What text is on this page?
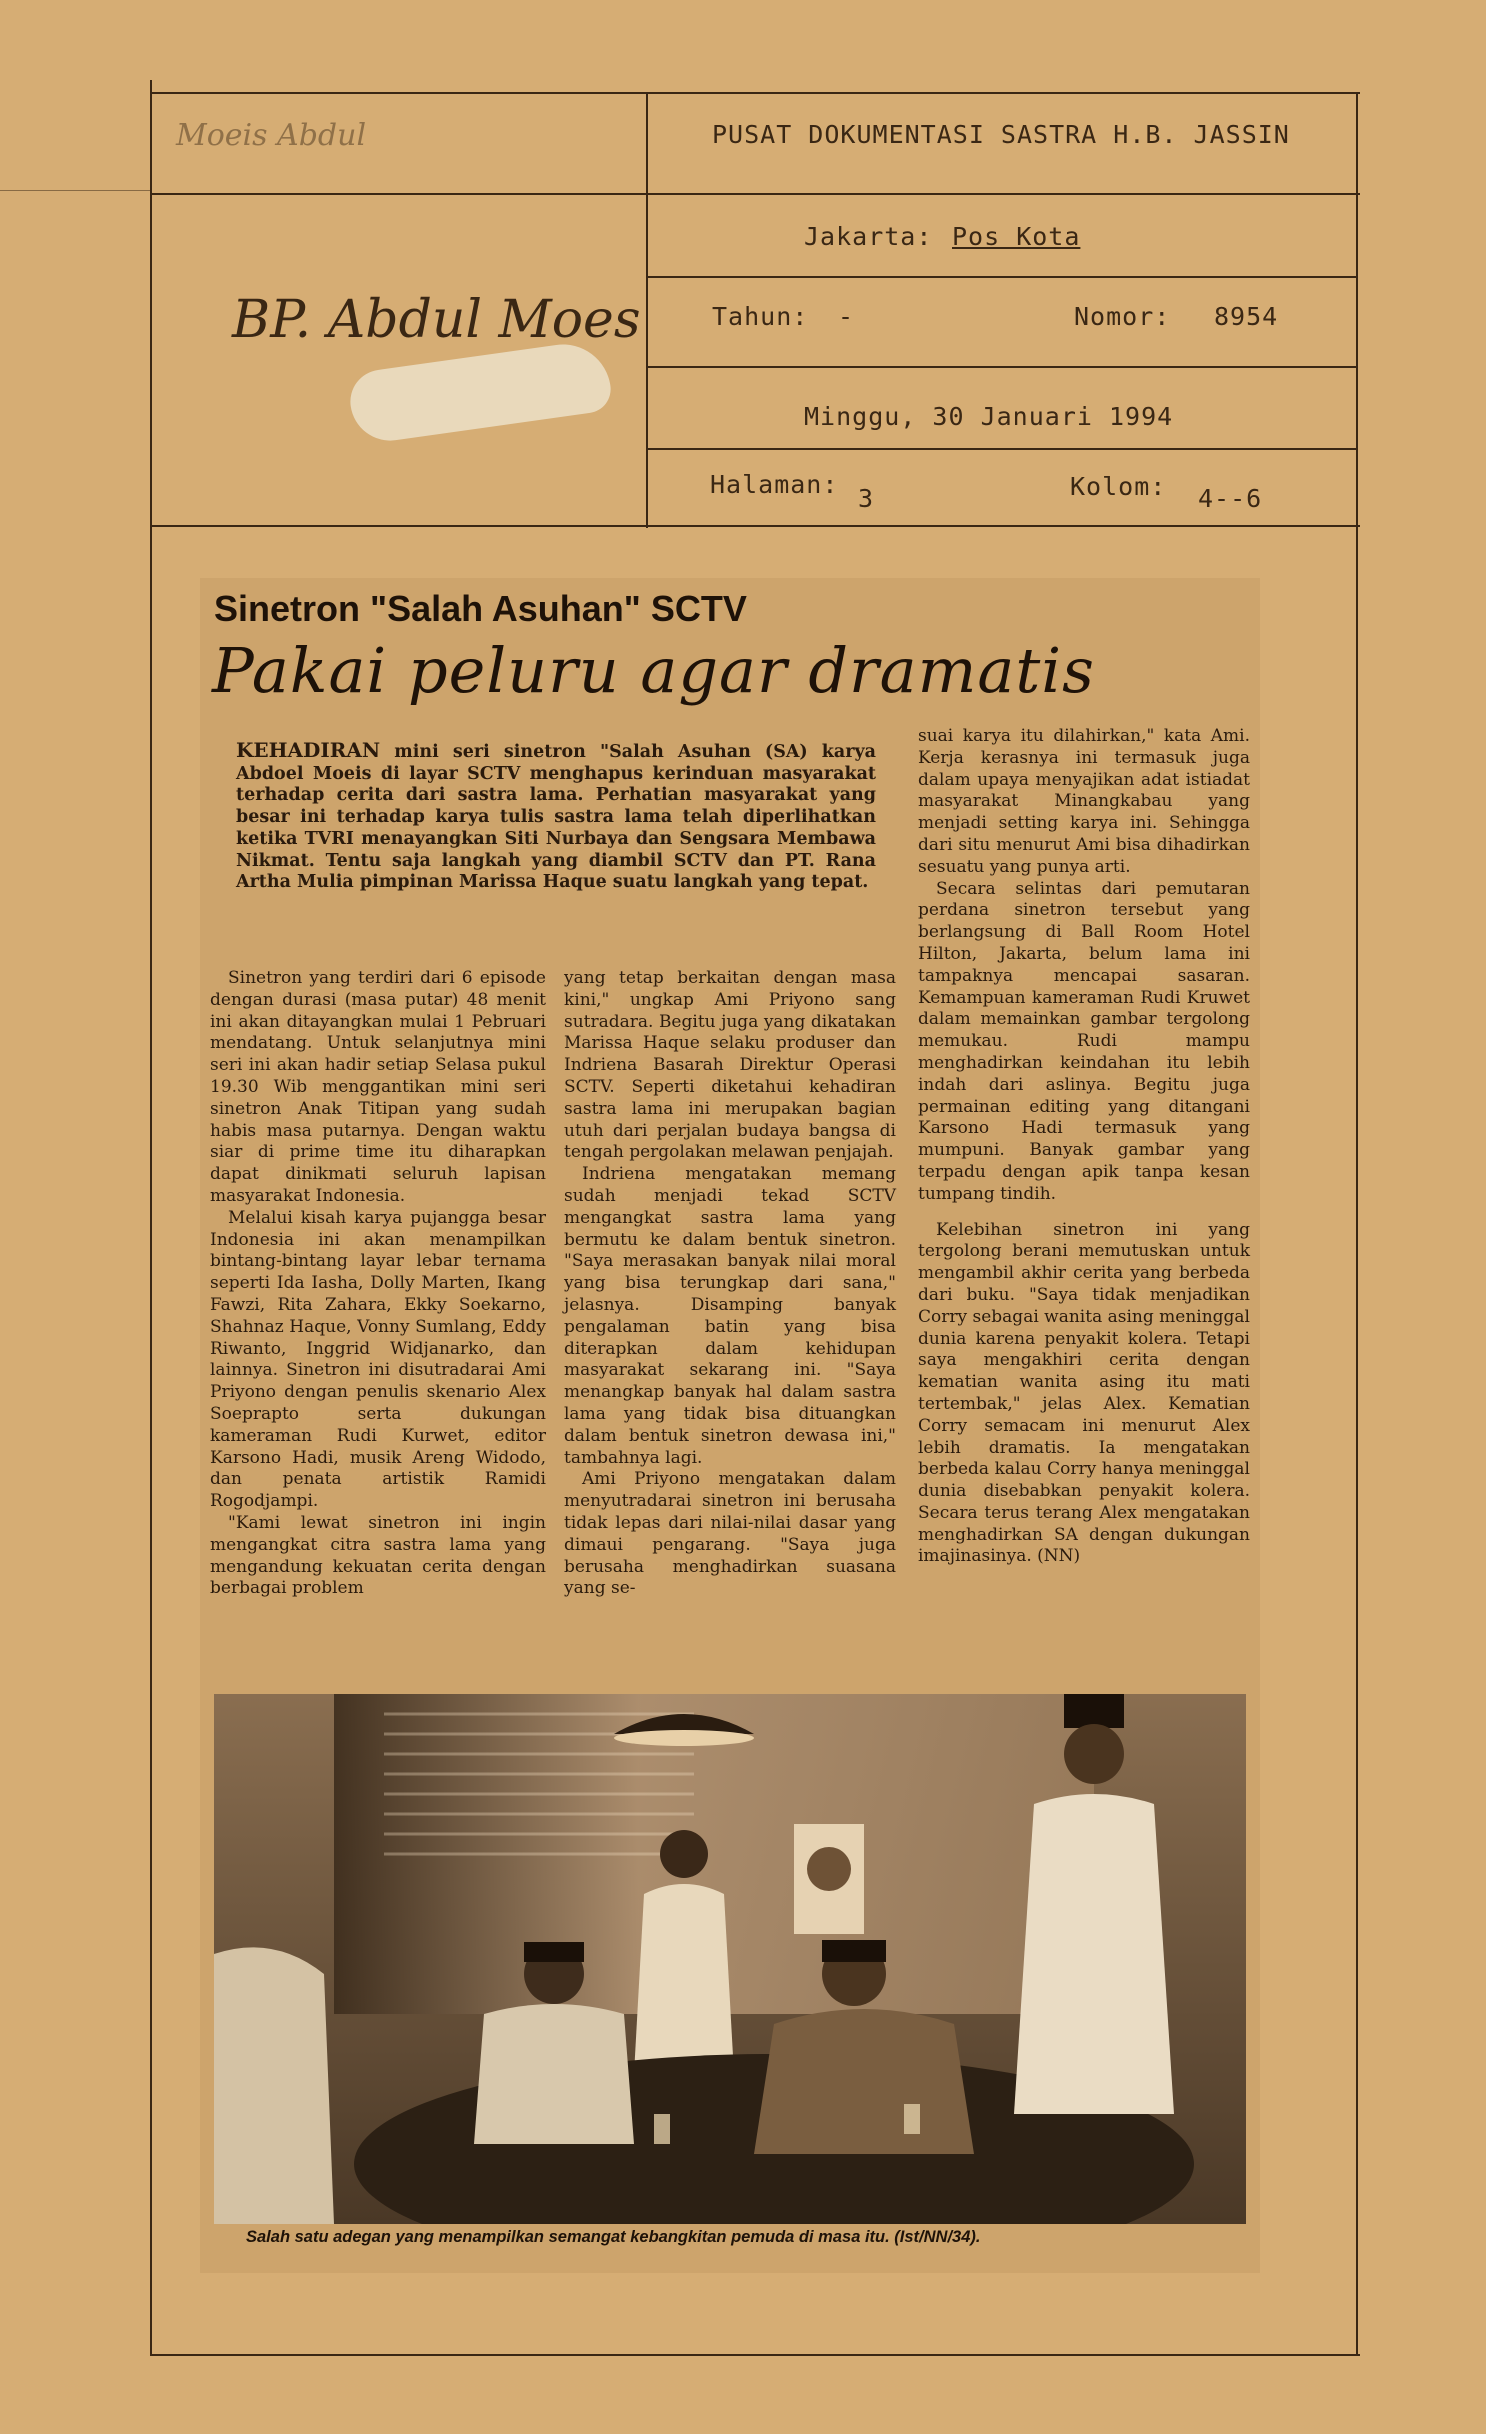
PUSAT DOKUMENTASI SASTRA H.B. JASSIN
Jakarta: Pos Kota
Tahun: -	Nomor: 8954
Minggu, 30 Januari 1994
Halaman: 3	Kolom: 4--6
Moeis Abdul
BP. Abdul Moes
Sinetron "Salah Asuhan" SCTV
Pakai peluru agar dramatis

KEHADIRAN mini seri sinetron "Salah Asuhan (SA) karya Abdoel Moeis di layar SCTV menghapus kerinduan masyarakat terhadap cerita dari sastra lama. Perhatian masyarakat yang besar ini terhadap karya tulis sastra lama telah diperlihatkan ketika TVRI menayangkan Siti Nurbaya dan Sengsara Membawa Nikmat. Tentu saja langkah yang diambil SCTV dan PT. Rana Artha Mulia pimpinan Marissa Haque suatu langkah yang tepat.

Sinetron yang terdiri dari 6 episode dengan durasi (masa putar) 48 menit ini akan ditayangkan mulai 1 Pebruari mendatang. Untuk selanjutnya mini seri ini akan hadir setiap Selasa pukul 19.30 Wib menggantikan mini seri sinetron Anak Titipan yang sudah habis masa putarnya. Dengan waktu siar di prime time itu diharapkan dapat dinikmati seluruh lapisan masyarakat Indonesia.

Melalui kisah karya pujangga besar Indonesia ini akan menampilkan bintang-bintang layar lebar ternama seperti Ida Iasha, Dolly Marten, Ikang Fawzi, Rita Zahara, Ekky Soekarno, Shahnaz Haque, Vonny Sumlang, Eddy Riwanto, Inggrid Widjanarko, dan lainnya. Sinetron ini disutradarai Ami Priyono dengan penulis skenario Alex Soeprapto serta dukungan kameraman Rudi Kurwet, editor Karsono Hadi, musik Areng Widodo, dan penata artistik Ramidi Rogodjampi.

"Kami lewat sinetron ini ingin mengangkat citra sastra lama yang mengandung kekuatan cerita dengan berbagai problem

yang tetap berkaitan dengan masa kini," ungkap Ami Priyono sang sutradara. Begitu juga yang dikatakan Marissa Haque selaku produser dan Indriena Basarah Direktur Operasi SCTV. Seperti diketahui kehadiran sastra lama ini merupakan bagian utuh dari perjalan budaya bangsa di tengah pergolakan melawan penjajah.

Indriena mengatakan memang sudah menjadi tekad SCTV mengangkat sastra lama yang bermutu ke dalam bentuk sinetron. "Saya merasakan banyak nilai moral yang bisa terungkap dari sana," jelasnya. Disamping banyak pengalaman batin yang bisa diterapkan dalam kehidupan masyarakat sekarang ini. "Saya menangkap banyak hal dalam sastra lama yang tidak bisa dituangkan dalam bentuk sinetron dewasa ini," tambahnya lagi.

Ami Priyono mengatakan dalam menyutradarai sinetron ini berusaha tidak lepas dari nilai-nilai dasar yang dimaui pengarang. "Saya juga berusaha menghadirkan suasana yang se-

suai karya itu dilahirkan," kata Ami. Kerja kerasnya ini termasuk juga dalam upaya menyajikan adat istiadat masyarakat Minangkabau yang menjadi setting karya ini. Sehingga dari situ menurut Ami bisa dihadirkan sesuatu yang punya arti.

Secara selintas dari pemutaran perdana sinetron tersebut yang berlangsung di Ball Room Hotel Hilton, Jakarta, belum lama ini tampaknya mencapai sasaran. Kemampuan kameraman Rudi Kruwet dalam memainkan gambar tergolong memukau. Rudi mampu menghadirkan keindahan itu lebih indah dari aslinya. Begitu juga permainan editing yang ditangani Karsono Hadi termasuk yang mumpuni. Banyak gambar yang terpadu dengan apik tanpa kesan tumpang tindih.

Kelebihan sinetron ini yang tergolong berani memutuskan untuk mengambil akhir cerita yang berbeda dari buku. "Saya tidak menjadikan Corry sebagai wanita asing meninggal dunia karena penyakit kolera. Tetapi saya mengakhiri cerita dengan kematian wanita asing itu mati tertembak," jelas Alex. Kematian Corry semacam ini menurut Alex lebih dramatis. Ia mengatakan berbeda kalau Corry hanya meninggal dunia disebabkan penyakit kolera. Secara terus terang Alex mengatakan menghadirkan SA dengan dukungan imajinasinya. (NN)

Salah satu adegan yang menampilkan semangat kebangkitan pemuda di masa itu. (Ist/NN/34).
